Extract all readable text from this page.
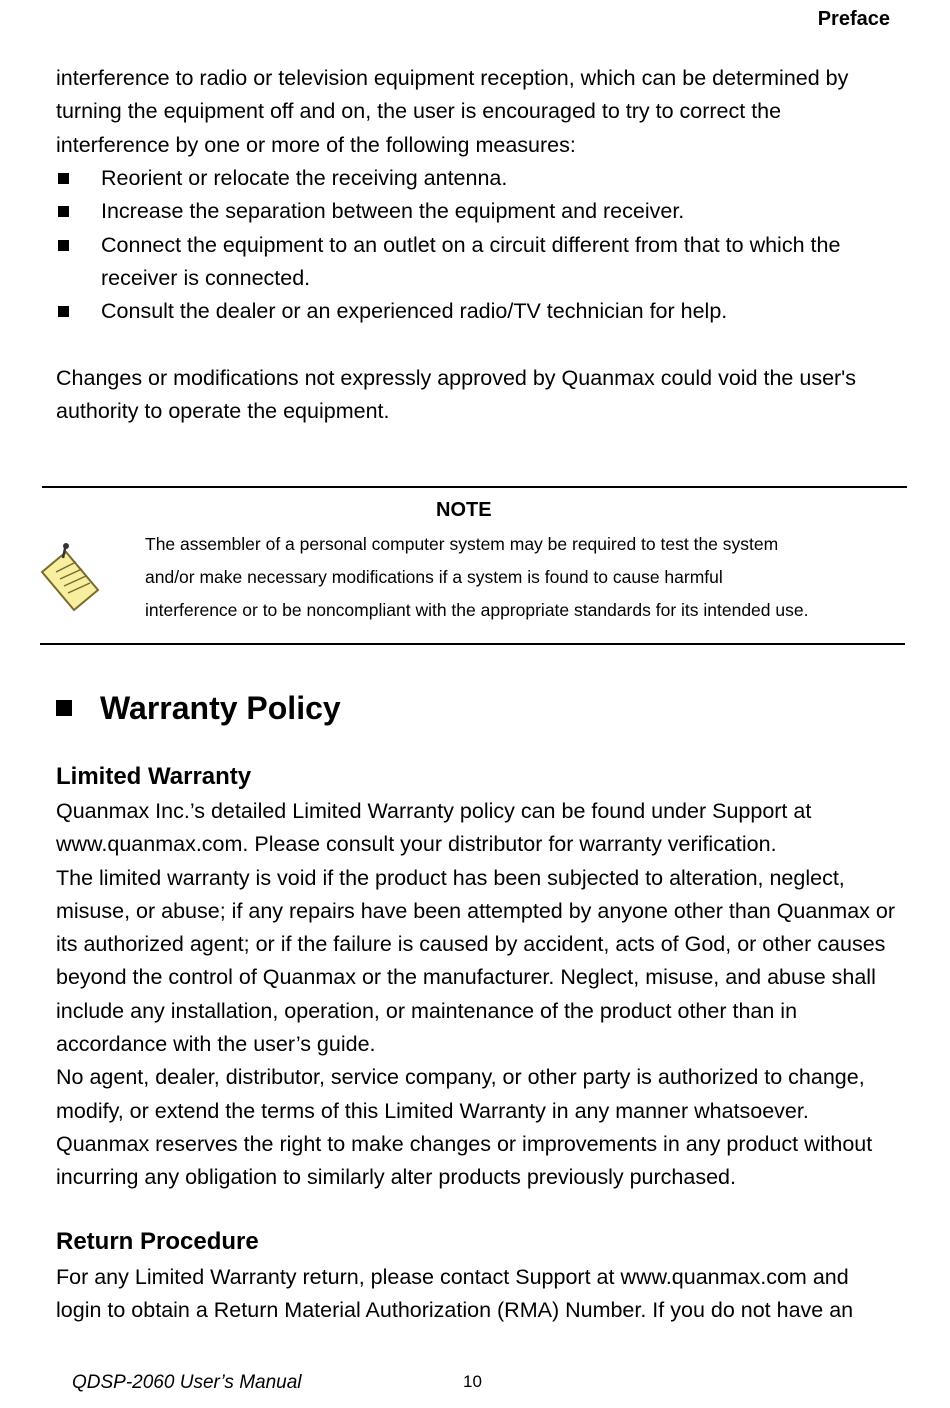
Preface

interference to radio or television equipment reception, which can be determined by turning the equipment off and on, the user is encouraged to try to correct the interference by one or more of the following measures:

Reorient or relocate the receiving antenna.
Increase the separation between the equipment and receiver.
Connect the equipment to an outlet on a circuit different from that to which the receiver is connected.
Consult the dealer or an experienced radio/TV technician for help.

Changes or modifications not expressly approved by Quanmax could void the user's authority to operate the equipment.

NOTE
The assembler of a personal computer system may be required to test the system
and/or make necessary modifications if a system is found to cause harmful
interference or to be noncompliant with the appropriate standards for its intended use.
Warranty Policy
Limited Warranty

Quanmax Inc.’s detailed Limited Warranty policy can be found under Support at www.quanmax.com. Please consult your distributor for warranty verification.

The limited warranty is void if the product has been subjected to alteration, neglect, misuse, or abuse; if any repairs have been attempted by anyone other than Quanmax or its authorized agent; or if the failure is caused by accident, acts of God, or other causes beyond the control of Quanmax or the manufacturer. Neglect, misuse, and abuse shall include any installation, operation, or maintenance of the product other than in accordance with the user’s guide.

No agent, dealer, distributor, service company, or other party is authorized to change, modify, or extend the terms of this Limited Warranty in any manner whatsoever. Quanmax reserves the right to make changes or improvements in any product without incurring any obligation to similarly alter products previously purchased.

Return Procedure

For any Limited Warranty return, please contact Support at www.quanmax.com and login to obtain a Return Material Authorization (RMA) Number. If you do not have an

QDSP-2060 User’s Manual	10
